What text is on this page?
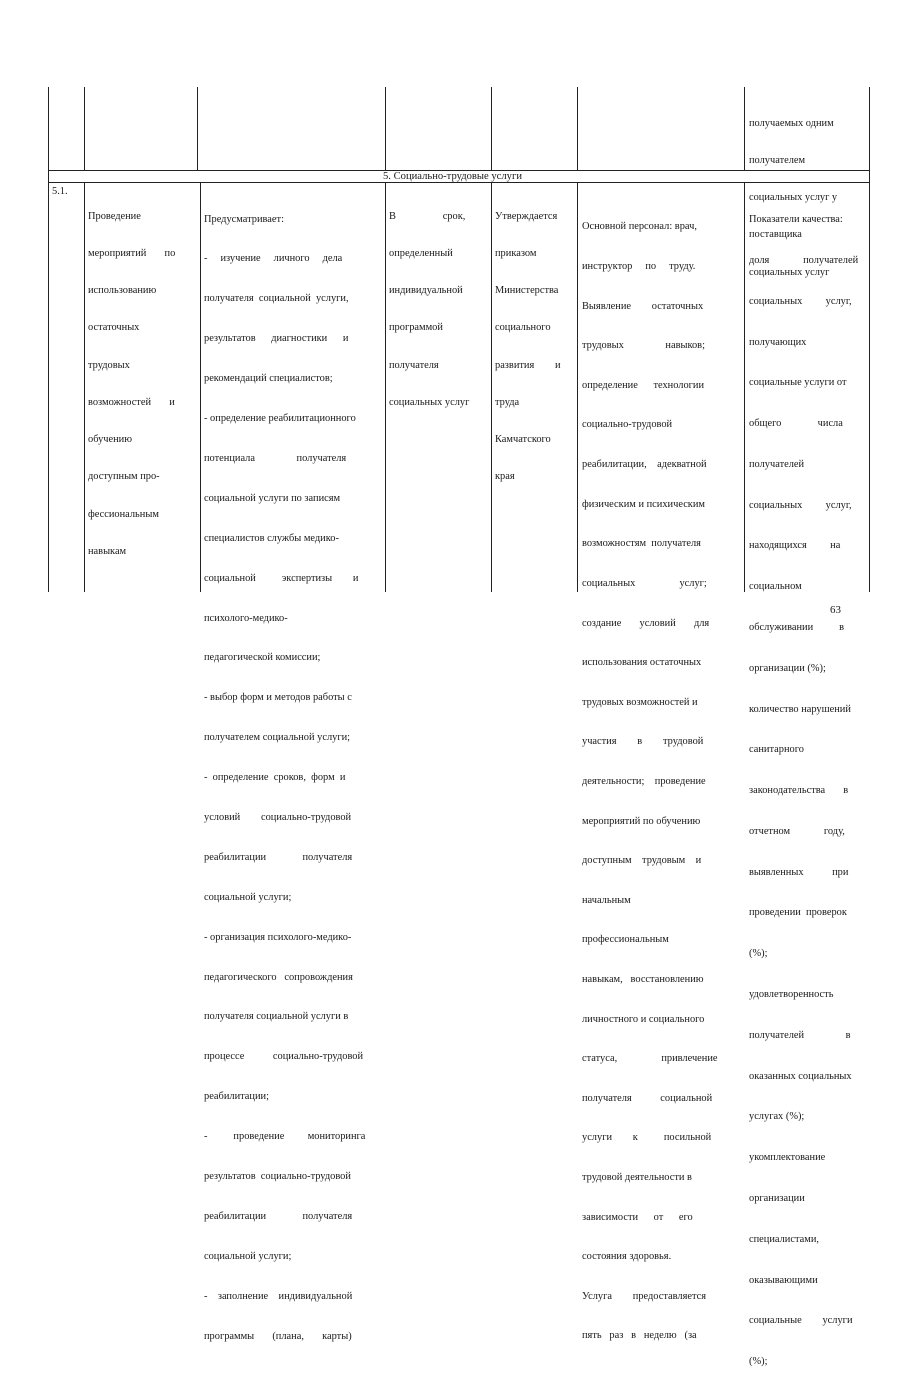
получаемых одним

получателем

социальных услуг у

поставщика

социальных услуг

5. Социально-трудовые услуги
5.1.

Проведение

мероприятий       по

использованию

остаточных

трудовых

возможностей       и

обучению

доступным про-

фессиональным

навыкам

Предусматривает:

-     изучение     личного     дела

получателя  социальной  услуги,

результатов      диагностики      и

рекомендаций специалистов;

- определение реабилитационного

потенциала                получателя

социальной услуги по записям

специалистов службы медико-

социальной          экспертизы        и

психолого-медико-

педагогической комиссии;

- выбор форм и методов работы с

получателем социальной услуги;

-  определение  сроков,  форм  и

условий        социально-трудовой

реабилитации              получателя

социальной услуги;

- организация психолого-медико-

педагогического   сопровождения

получателя социальной услуги в

процессе           социально-трудовой

реабилитации;

-          проведение         мониторинга

результатов  социально-трудовой

реабилитации              получателя

социальной услуги;

-    заполнение    индивидуальной

программы       (плана,       карты)

В                  срок,

определенный

индивидуальной

программой

получателя

социальных услуг

Утверждается

приказом

Министерства

социального

развития        и

труда

Камчатского

края

Основной персонал: врач,

инструктор     по     труду.

Выявление        остаточных

трудовых                навыков;

определение      технологии

социально-трудовой

реабилитации,    адекватной

физическим и психическим

возможностям  получателя

социальных                 услуг;

создание       условий       для

использования остаточных

трудовых возможностей и

участия        в        трудовой

деятельности;    проведение

мероприятий по обучению

доступным    трудовым    и

начальным

профессиональным

навыкам,   восстановлению

личностного и социального

статуса,                 привлечение

получателя           социальной

услуги        к          посильной

трудовой деятельности в

зависимости      от      его

состояния здоровья.

Услуга        предоставляется

пять   раз   в   неделю   (за

Показатели качества:

доля             получателей

социальных         услуг,

получающих

социальные услуги от

общего              числа

получателей

социальных         услуг,

находящихся         на

социальном

обслуживании          в

организации (%);

количество нарушений

санитарного

законодательства       в

отчетном             году,

выявленных           при

проведении  проверок

(%);

удовлетворенность

получателей                в

оказанных социальных

услугах (%);

укомплектование

организации

специалистами,

оказывающими

социальные        услуги

(%);

63
